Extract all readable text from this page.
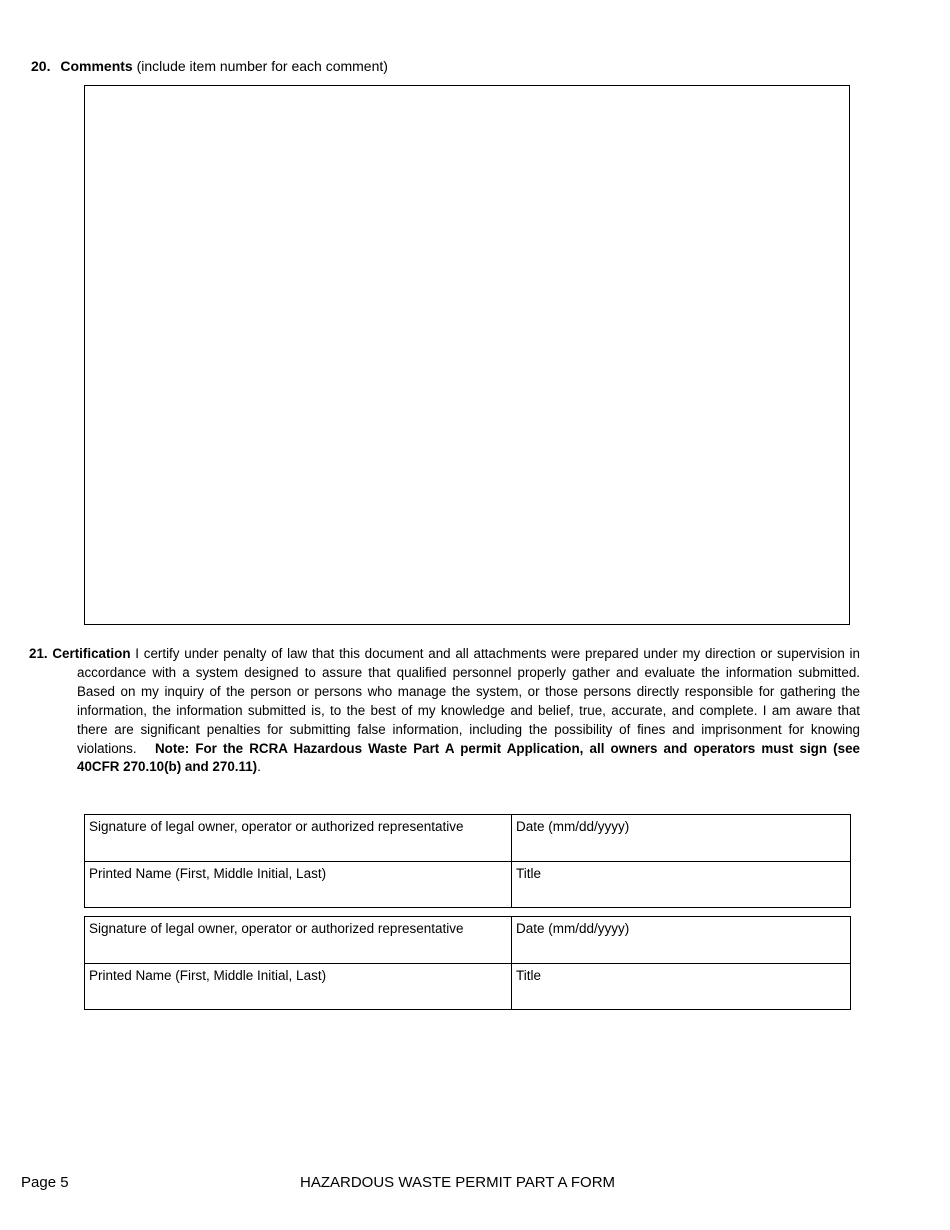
20. Comments (include item number for each comment)
21. Certification I certify under penalty of law that this document and all attachments were prepared under my direction or supervision in accordance with a system designed to assure that qualified personnel properly gather and evaluate the information submitted. Based on my inquiry of the person or persons who manage the system, or those persons directly responsible for gathering the information, the information submitted is, to the best of my knowledge and belief, true, accurate, and complete. I am aware that there are significant penalties for submitting false information, including the possibility of fines and imprisonment for knowing violations. Note: For the RCRA Hazardous Waste Part A permit Application, all owners and operators must sign (see 40CFR 270.10(b) and 270.11).
Signature of legal owner, operator or authorized representative	Date (mm/dd/yyyy)
Printed Name (First, Middle Initial, Last)	Title
Signature of legal owner, operator or authorized representative	Date (mm/dd/yyyy)
Printed Name (First, Middle Initial, Last)	Title
Page 5	HAZARDOUS WASTE PERMIT PART A FORM
